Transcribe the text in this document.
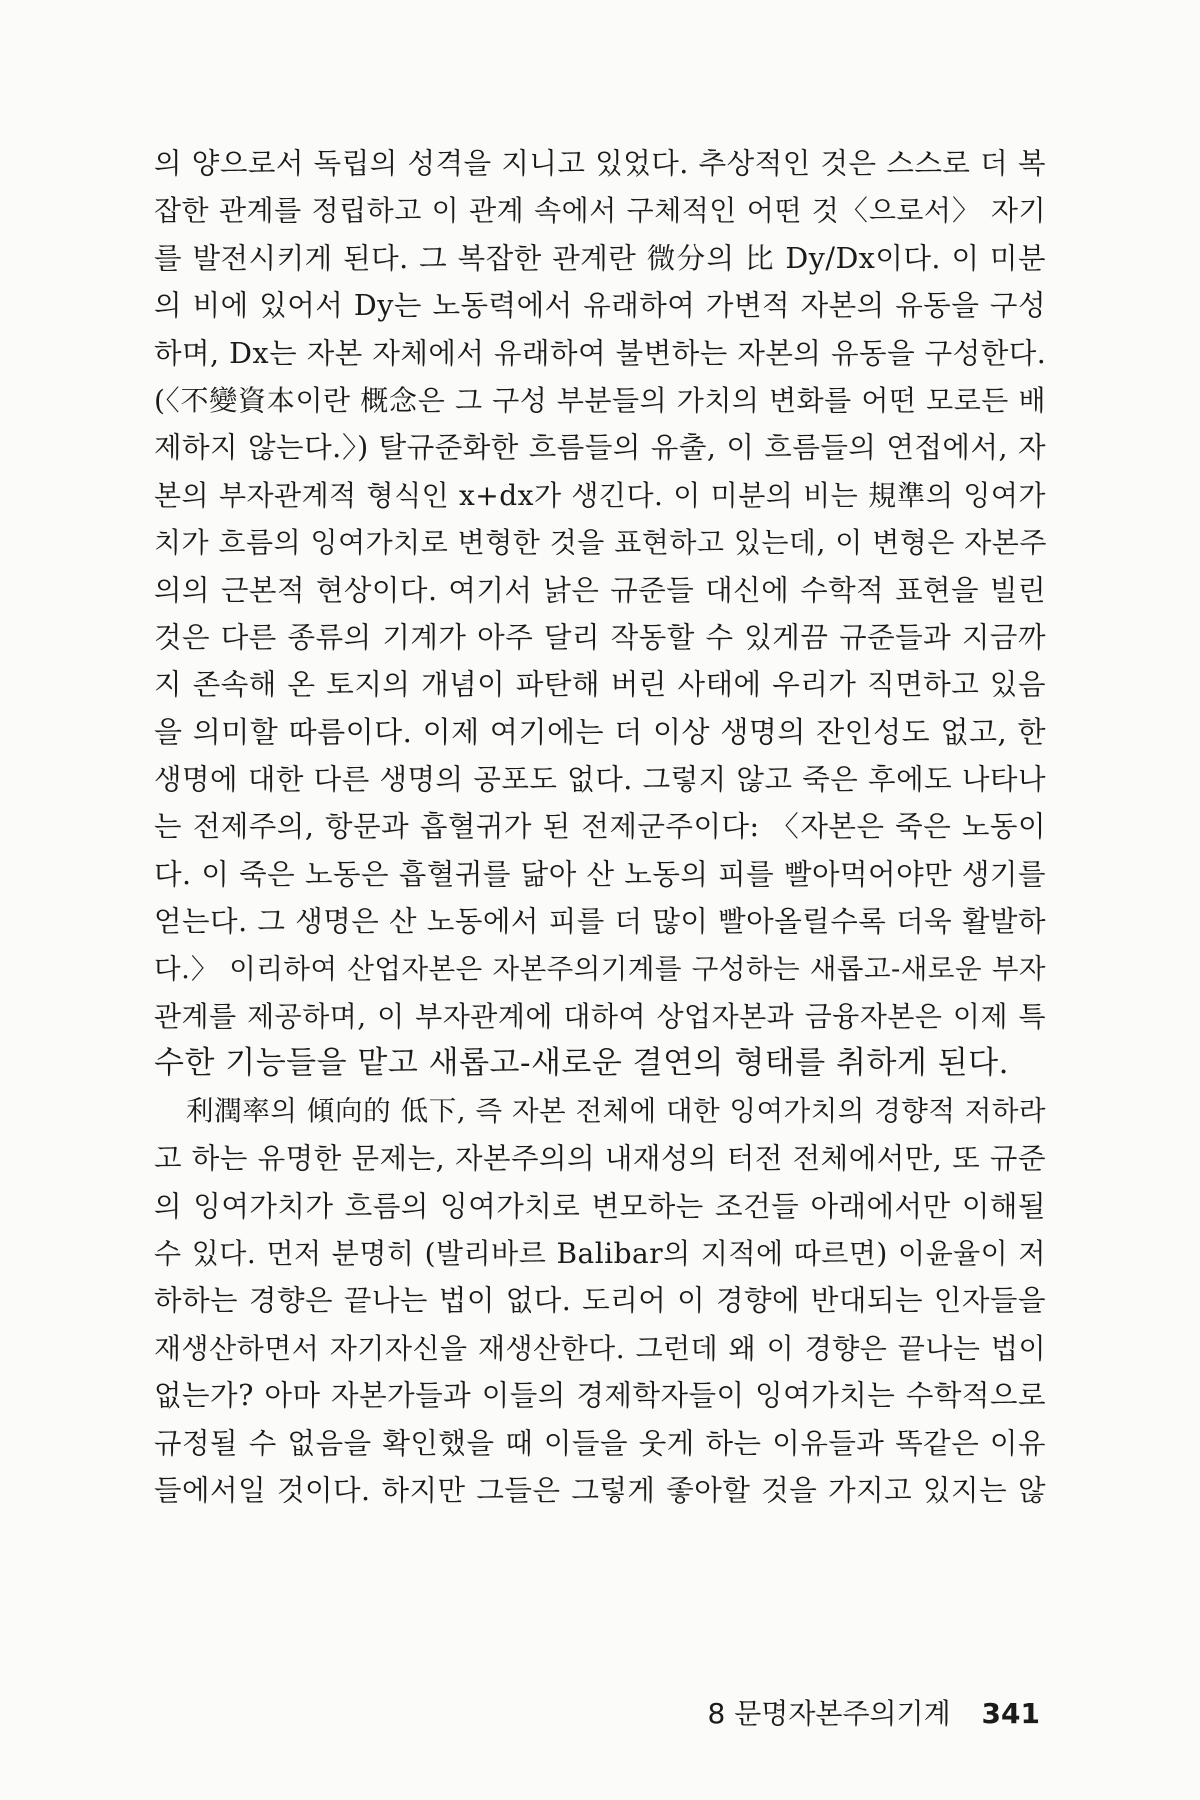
의 양으로서 독립의 성격을 지니고 있었다. 추상적인 것은 스스로 더 복
잡한 관계를 정립하고 이 관계 속에서 구체적인 어떤 것〈으로서〉 자기
를 발전시키게 된다. 그 복잡한 관계란 微分의 比 Dy/Dx이다. 이 미분
의 비에 있어서 Dy는 노동력에서 유래하여 가변적 자본의 유동을 구성
하며, Dx는 자본 자체에서 유래하여 불변하는 자본의 유동을 구성한다.
(〈不變資本이란 概念은 그 구성 부분들의 가치의 변화를 어떤 모로든 배
제하지 않는다.〉) 탈규준화한 흐름들의 유출, 이 흐름들의 연접에서, 자
본의 부자관계적 형식인 x+dx가 생긴다. 이 미분의 비는 規準의 잉여가
치가 흐름의 잉여가치로 변형한 것을 표현하고 있는데, 이 변형은 자본주
의의 근본적 현상이다. 여기서 낡은 규준들 대신에 수학적 표현을 빌린
것은 다른 종류의 기계가 아주 달리 작동할 수 있게끔 규준들과 지금까
지 존속해 온 토지의 개념이 파탄해 버린 사태에 우리가 직면하고 있음
을 의미할 따름이다. 이제 여기에는 더 이상 생명의 잔인성도 없고, 한
생명에 대한 다른 생명의 공포도 없다. 그렇지 않고 죽은 후에도 나타나
는 전제주의, 항문과 흡혈귀가 된 전제군주이다: 〈자본은 죽은 노동이
다. 이 죽은 노동은 흡혈귀를 닮아 산 노동의 피를 빨아먹어야만 생기를
얻는다. 그 생명은 산 노동에서 피를 더 많이 빨아올릴수록 더욱 활발하
다.〉 이리하여 산업자본은 자본주의기계를 구성하는 새롭고-새로운 부자
관계를 제공하며, 이 부자관계에 대하여 상업자본과 금융자본은 이제 특
수한 기능들을 맡고 새롭고-새로운 결연의 형태를 취하게 된다.
利潤率의 傾向的 低下, 즉 자본 전체에 대한 잉여가치의 경향적 저하라
고 하는 유명한 문제는, 자본주의의 내재성의 터전 전체에서만, 또 규준
의 잉여가치가 흐름의 잉여가치로 변모하는 조건들 아래에서만 이해될
수 있다. 먼저 분명히 (발리바르 Balibar의 지적에 따르면) 이윤율이 저
하하는 경향은 끝나는 법이 없다. 도리어 이 경향에 반대되는 인자들을
재생산하면서 자기자신을 재생산한다. 그런데 왜 이 경향은 끝나는 법이
없는가? 아마 자본가들과 이들의 경제학자들이 잉여가치는 수학적으로
규정될 수 없음을 확인했을 때 이들을 웃게 하는 이유들과 똑같은 이유
들에서일 것이다. 하지만 그들은 그렇게 좋아할 것을 가지고 있지는 않
8 문명자본주의기계 341
